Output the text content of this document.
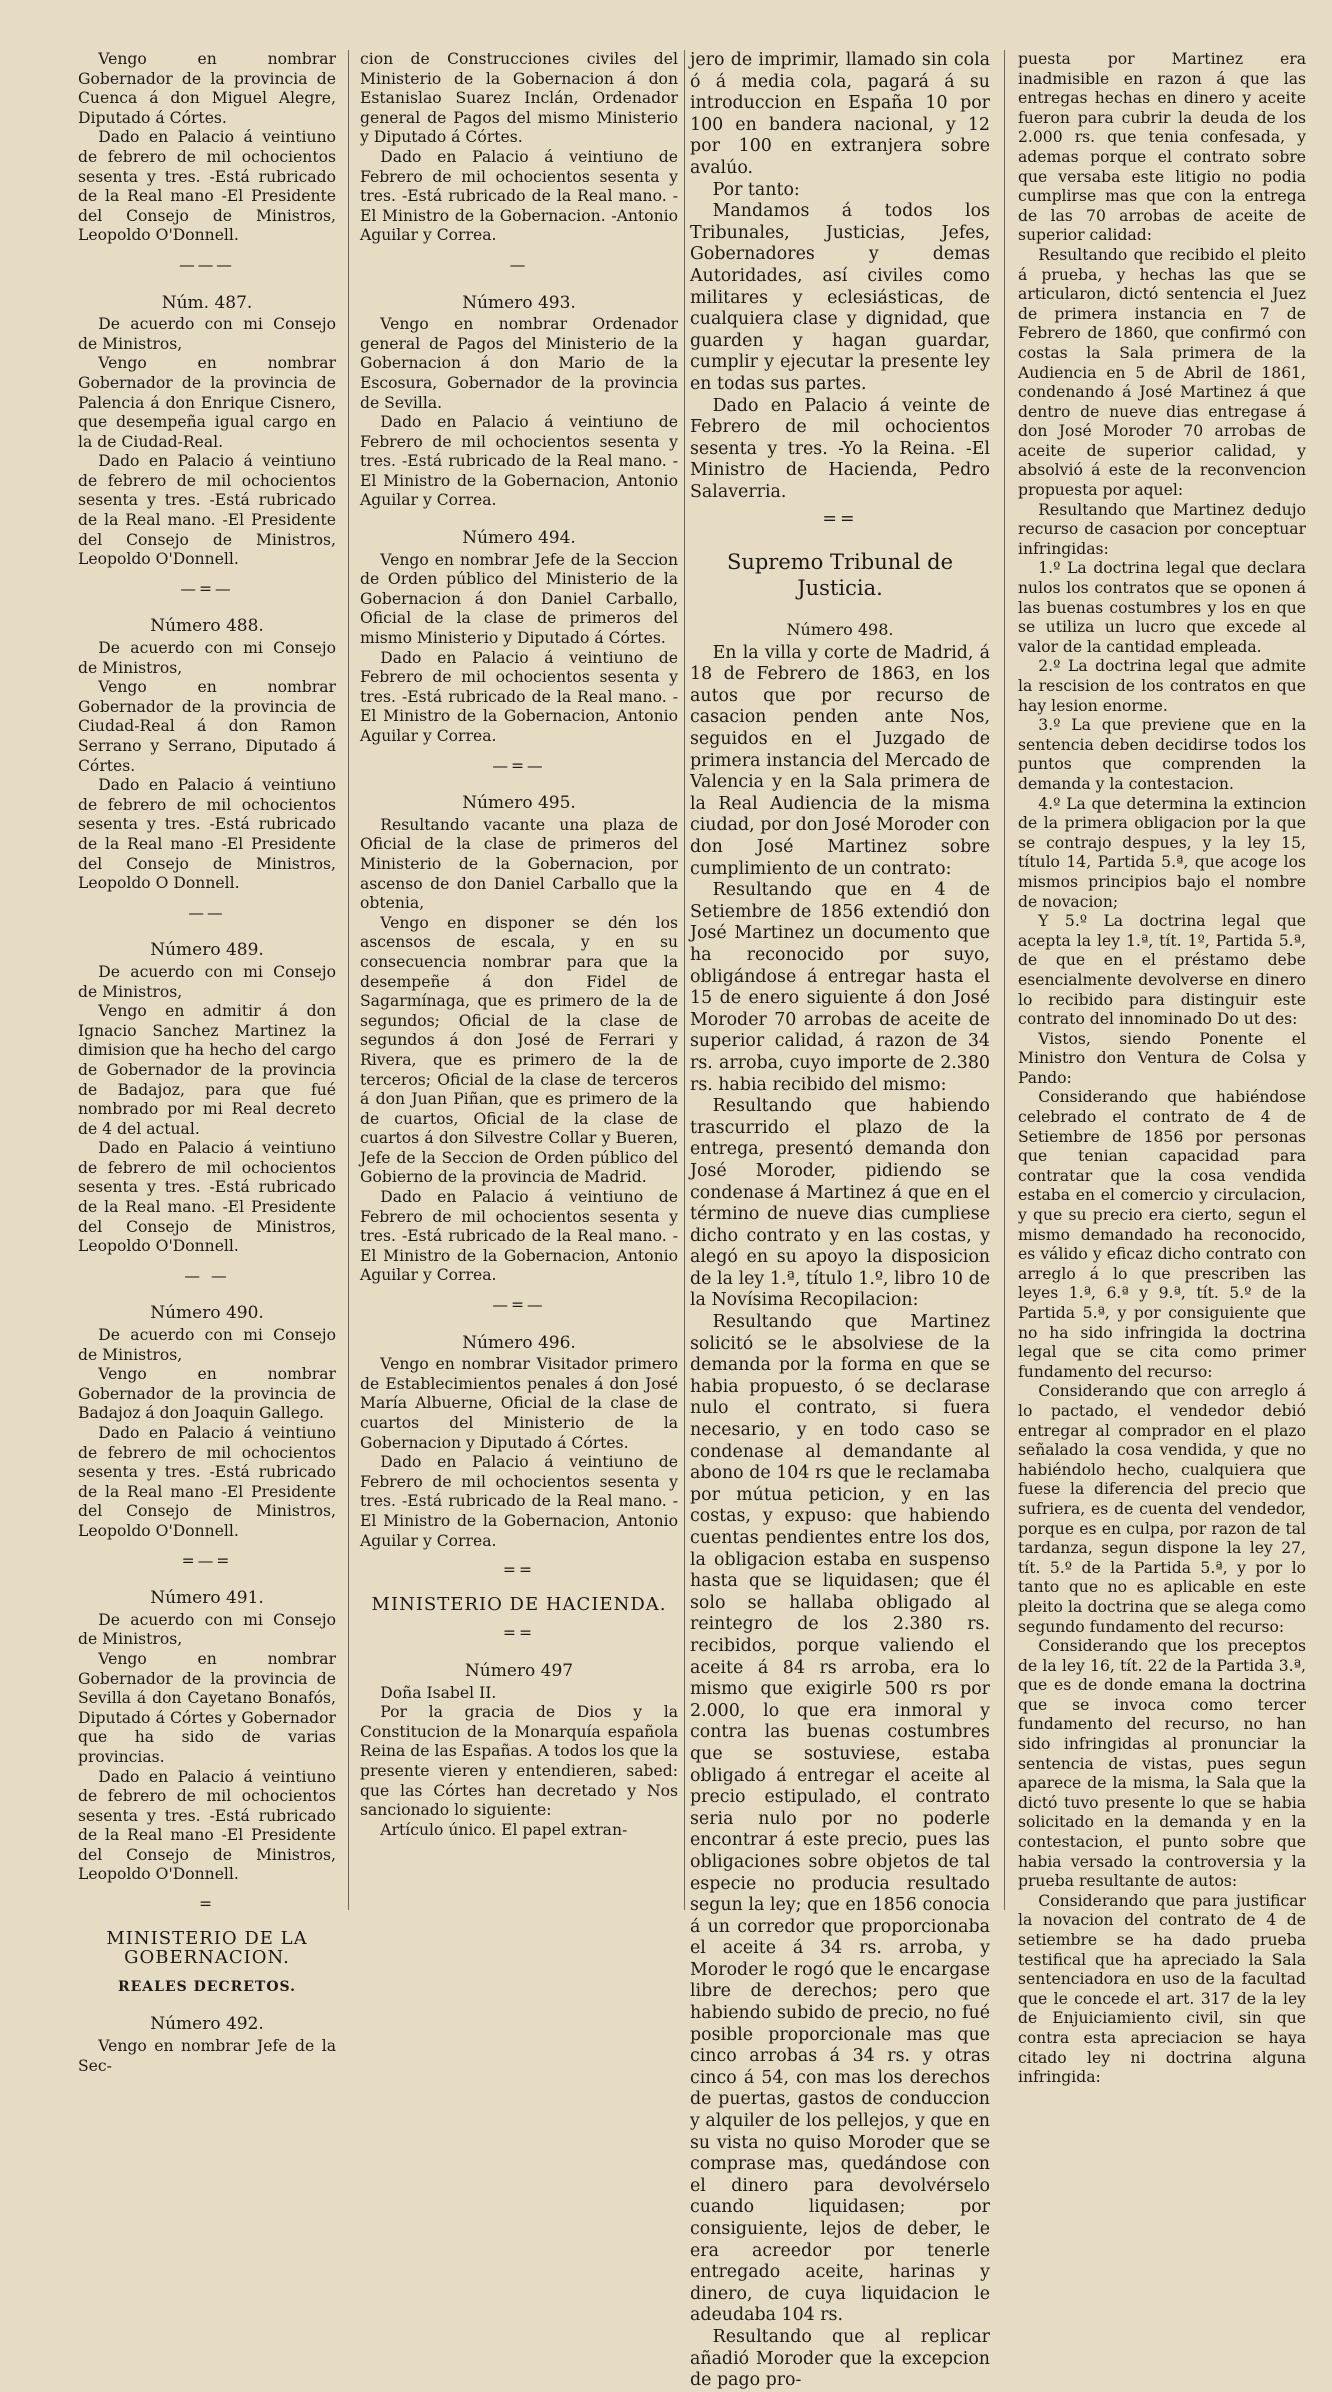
Vengo en nombrar Gobernador de la provincia de Cuenca á don Miguel Alegre, Diputado á Córtes.

Dado en Palacio á veintiuno de febrero de mil ochocientos sesenta y tres. -Está rubricado de la Real mano -El Presidente del Consejo de Ministros, Leopoldo O'Donnell.

———

Núm. 487.

De acuerdo con mi Consejo de Ministros,

Vengo en nombrar Gobernador de la provincia de Palencia á don Enrique Cisnero, que desempeña igual cargo en la de Ciudad-Real.

Dado en Palacio á veintiuno de febrero de mil ochocientos sesenta y tres. -Está rubricado de la Real mano. -El Presidente del Consejo de Ministros, Leopoldo O'Donnell.

—=—

Número 488.

De acuerdo con mi Consejo de Ministros,

Vengo en nombrar Gobernador de la provincia de Ciudad-Real á don Ramon Serrano y Serrano, Diputado á Córtes.

Dado en Palacio á veintiuno de febrero de mil ochocientos sesenta y tres. -Está rubricado de la Real mano -El Presidente del Consejo de Ministros, Leopoldo O Donnell.

——

Número 489.

De acuerdo con mi Consejo de Ministros,

Vengo en admitir á don Ignacio Sanchez Martinez la dimision que ha hecho del cargo de Gobernador de la provincia de Badajoz, para que fué nombrado por mi Real decreto de 4 del actual.

Dado en Palacio á veintiuno de febrero de mil ochocientos sesenta y tres. -Está rubricado de la Real mano. -El Presidente del Consejo de Ministros, Leopoldo O'Donnell.

— —

Número 490.

De acuerdo con mi Consejo de Ministros,

Vengo en nombrar Gobernador de la provincia de Badajoz á don Joaquin Gallego.

Dado en Palacio á veintiuno de febrero de mil ochocientos sesenta y tres. -Está rubricado de la Real mano -El Presidente del Consejo de Ministros, Leopoldo O'Donnell.

=—=

Número 491.

De acuerdo con mi Consejo de Ministros,

Vengo en nombrar Gobernador de la provincia de Sevilla á don Cayetano Bonafós, Diputado á Córtes y Gobernador que ha sido de varias provincias.

Dado en Palacio á veintiuno de febrero de mil ochocientos sesenta y tres. -Está rubricado de la Real mano -El Presidente del Consejo de Ministros, Leopoldo O'Donnell.

=

MINISTERIO DE LA GOBERNACION.

REALES DECRETOS.

Número 492.

Vengo en nombrar Jefe de la Sec-

cion de Construcciones civiles del Ministerio de la Gobernacion á don Estanislao Suarez Inclán, Ordenador general de Pagos del mismo Ministerio y Diputado á Córtes.

Dado en Palacio á veintiuno de Febrero de mil ochocientos sesenta y tres. -Está rubricado de la Real mano. -El Ministro de la Gobernacion. -Antonio Aguilar y Correa.

—

Número 493.

Vengo en nombrar Ordenador general de Pagos del Ministerio de la Gobernacion á don Mario de la Escosura, Gobernador de la provincia de Sevilla.

Dado en Palacio á veintiuno de Febrero de mil ochocientos sesenta y tres. -Está rubricado de la Real mano. -El Ministro de la Gobernacion, Antonio Aguilar y Correa.

Número 494.

Vengo en nombrar Jefe de la Seccion de Orden público del Ministerio de la Gobernacion á don Daniel Carballo, Oficial de la clase de primeros del mismo Ministerio y Diputado á Córtes.

Dado en Palacio á veintiuno de Febrero de mil ochocientos sesenta y tres. -Está rubricado de la Real mano. -El Ministro de la Gobernacion, Antonio Aguilar y Correa.

—=—

Número 495.

Resultando vacante una plaza de Oficial de la clase de primeros del Ministerio de la Gobernacion, por ascenso de don Daniel Carballo que la obtenia,

Vengo en disponer se dén los ascensos de escala, y en su consecuencia nombrar para que la desempeñe á don Fidel de Sagarmínaga, que es primero de la de segundos; Oficial de la clase de segundos á don José de Ferrari y Rivera, que es primero de la de terceros; Oficial de la clase de terceros á don Juan Piñan, que es primero de la de cuartos, Oficial de la clase de cuartos á don Silvestre Collar y Bueren, Jefe de la Seccion de Orden público del Gobierno de la provincia de Madrid.

Dado en Palacio á veintiuno de Febrero de mil ochocientos sesenta y tres. -Está rubricado de la Real mano. -El Ministro de la Gobernacion, Antonio Aguilar y Correa.

—=—

Número 496.

Vengo en nombrar Visitador primero de Establecimientos penales á don José María Albuerne, Oficial de la clase de cuartos del Ministerio de la Gobernacion y Diputado á Córtes.

Dado en Palacio á veintiuno de Febrero de mil ochocientos sesenta y tres. -Está rubricado de la Real mano. -El Ministro de la Gobernacion, Antonio Aguilar y Correa.

==

MINISTERIO DE HACIENDA.

==

Número 497

Doña Isabel II.

Por la gracia de Dios y la Constitucion de la Monarquía española Reina de las Españas. A todos los que la presente vieren y entendieren, sabed: que las Córtes han decretado y Nos sancionado lo siguiente:

Artículo único. El papel extran-

jero de imprimir, llamado sin cola ó á media cola, pagará á su introduccion en España 10 por 100 en bandera nacional, y 12 por 100 en extranjera sobre avalúo.

Por tanto:

Mandamos á todos los Tribunales, Justicias, Jefes, Gobernadores y demas Autoridades, así civiles como militares y eclesiásticas, de cualquiera clase y dignidad, que guarden y hagan guardar, cumplir y ejecutar la presente ley en todas sus partes.

Dado en Palacio á veinte de Febrero de mil ochocientos sesenta y tres. -Yo la Reina. -El Ministro de Hacienda, Pedro Salaverria.

==

Supremo Tribunal de Justicia.

Número 498.

En la villa y corte de Madrid, á 18 de Febrero de 1863, en los autos que por recurso de casacion penden ante Nos, seguidos en el Juzgado de primera instancia del Mercado de Valencia y en la Sala primera de la Real Audiencia de la misma ciudad, por don José Moroder con don José Martinez sobre cumplimiento de un contrato:

Resultando que en 4 de Setiembre de 1856 extendió don José Martinez un documento que ha reconocido por suyo, obligándose á entregar hasta el 15 de enero siguiente á don José Moroder 70 arrobas de aceite de superior calidad, á razon de 34 rs. arroba, cuyo importe de 2.380 rs. habia recibido del mismo:

Resultando que habiendo trascurrido el plazo de la entrega, presentó demanda don José Moroder, pidiendo se condenase á Martinez á que en el término de nueve dias cumpliese dicho contrato y en las costas, y alegó en su apoyo la disposicion de la ley 1.ª, título 1.º, libro 10 de la Novísima Recopilacion:

Resultando que Martinez solicitó se le absolviese de la demanda por la forma en que se habia propuesto, ó se declarase nulo el contrato, si fuera necesario, y en todo caso se condenase al demandante al abono de 104 rs que le reclamaba por mútua peticion, y en las costas, y expuso: que habiendo cuentas pendientes entre los dos, la obligacion estaba en suspenso hasta que se liquidasen; que él solo se hallaba obligado al reintegro de los 2.380 rs. recibidos, porque valiendo el aceite á 84 rs arroba, era lo mismo que exigirle 500 rs por 2.000, lo que era inmoral y contra las buenas costumbres que se sostuviese, estaba obligado á entregar el aceite al precio estipulado, el contrato seria nulo por no poderle encontrar á este precio, pues las obligaciones sobre objetos de tal especie no producia resultado segun la ley; que en 1856 conocia á un corredor que proporcionaba el aceite á 34 rs. arroba, y Moroder le rogó que le encargase libre de derechos; pero que habiendo subido de precio, no fué posible proporcionale mas que cinco arrobas á 34 rs. y otras cinco á 54, con mas los derechos de puertas, gastos de conduccion y alquiler de los pellejos, y que en su vista no quiso Moroder que se comprase mas, quedándose con el dinero para devolvérselo cuando liquidasen; por consiguiente, lejos de deber, le era acreedor por tenerle entregado aceite, harinas y dinero, de cuya liquidacion le adeudaba 104 rs.

Resultando que al replicar añadió Moroder que la excepcion de pago pro-

puesta por Martinez era inadmisible en razon á que las entregas hechas en dinero y aceite fueron para cubrir la deuda de los 2.000 rs. que tenia confesada, y ademas porque el contrato sobre que versaba este litigio no podia cumplirse mas que con la entrega de las 70 arrobas de aceite de superior calidad:

Resultando que recibido el pleito á prueba, y hechas las que se articularon, dictó sentencia el Juez de primera instancia en 7 de Febrero de 1860, que confirmó con costas la Sala primera de la Audiencia en 5 de Abril de 1861, condenando á José Martinez á que dentro de nueve dias entregase á don José Moroder 70 arrobas de aceite de superior calidad, y absolvió á este de la reconvencion propuesta por aquel:

Resultando que Martinez dedujo recurso de casacion por conceptuar infringidas:

1.º La doctrina legal que declara nulos los contratos que se oponen á las buenas costumbres y los en que se utiliza un lucro que excede al valor de la cantidad empleada.

2.º La doctrina legal que admite la rescision de los contratos en que hay lesion enorme.

3.º La que previene que en la sentencia deben decidirse todos los puntos que comprenden la demanda y la contestacion.

4.º La que determina la extincion de la primera obligacion por la que se contrajo despues, y la ley 15, título 14, Partida 5.ª, que acoge los mismos principios bajo el nombre de novacion;

Y 5.º La doctrina legal que acepta la ley 1.ª, tít. 1º, Partida 5.ª, de que en el préstamo debe esencialmente devolverse en dinero lo recibido para distinguir este contrato del innominado Do ut des:

Vistos, siendo Ponente el Ministro don Ventura de Colsa y Pando:

Considerando que habiéndose celebrado el contrato de 4 de Setiembre de 1856 por personas que tenian capacidad para contratar que la cosa vendida estaba en el comercio y circulacion, y que su precio era cierto, segun el mismo demandado ha reconocido, es válido y eficaz dicho contrato con arreglo á lo que prescriben las leyes 1.ª, 6.ª y 9.ª, tít. 5.º de la Partida 5.ª, y por consiguiente que no ha sido infringida la doctrina legal que se cita como primer fundamento del recurso:

Considerando que con arreglo á lo pactado, el vendedor debió entregar al comprador en el plazo señalado la cosa vendida, y que no habiéndolo hecho, cualquiera que fuese la diferencia del precio que sufriera, es de cuenta del vendedor, porque es en culpa, por razon de tal tardanza, segun dispone la ley 27, tít. 5.º de la Partida 5.ª, y por lo tanto que no es aplicable en este pleito la doctrina que se alega como segundo fundamento del recurso:

Considerando que los preceptos de la ley 16, tít. 22 de la Partida 3.ª, que es de donde emana la doctrina que se invoca como tercer fundamento del recurso, no han sido infringidas al pronunciar la sentencia de vistas, pues segun aparece de la misma, la Sala que la dictó tuvo presente lo que se habia solicitado en la demanda y en la contestacion, el punto sobre que habia versado la controversia y la prueba resultante de autos:

Considerando que para justificar la novacion del contrato de 4 de setiembre se ha dado prueba testifical que ha apreciado la Sala sentenciadora en uso de la facultad que le concede el art. 317 de la ley de Enjuiciamiento civil, sin que contra esta apreciacion se haya citado ley ni doctrina alguna infringida:
